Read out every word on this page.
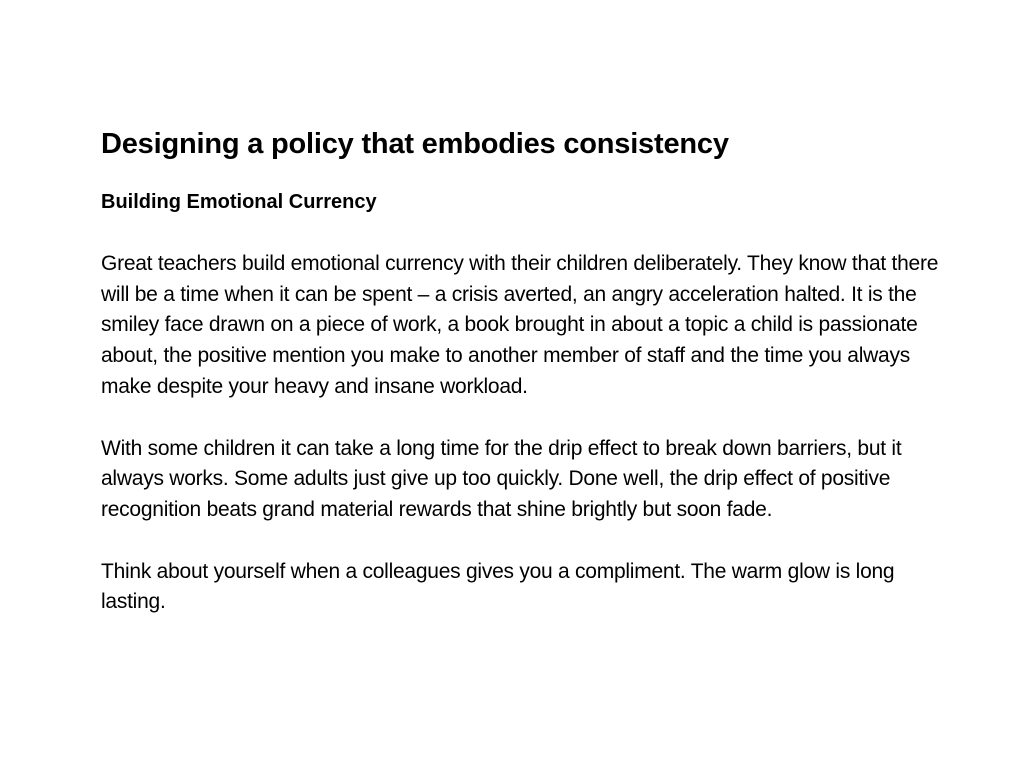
Designing a policy that embodies consistency
Building Emotional Currency

Great teachers build emotional currency with their children deliberately. They know that there will be a time when it can be spent – a crisis averted, an angry acceleration halted. It is the smiley face drawn on a piece of work, a book brought in about a topic a child is passionate about, the positive mention you make to another member of staff and the time you always make despite your heavy and insane workload.

With some children it can take a long time for the drip effect to break down barriers, but it always works. Some adults just give up too quickly. Done well, the drip effect of positive recognition beats grand material rewards that shine brightly but soon fade.

Think about yourself when a colleagues gives you a compliment. The warm glow is long lasting.
